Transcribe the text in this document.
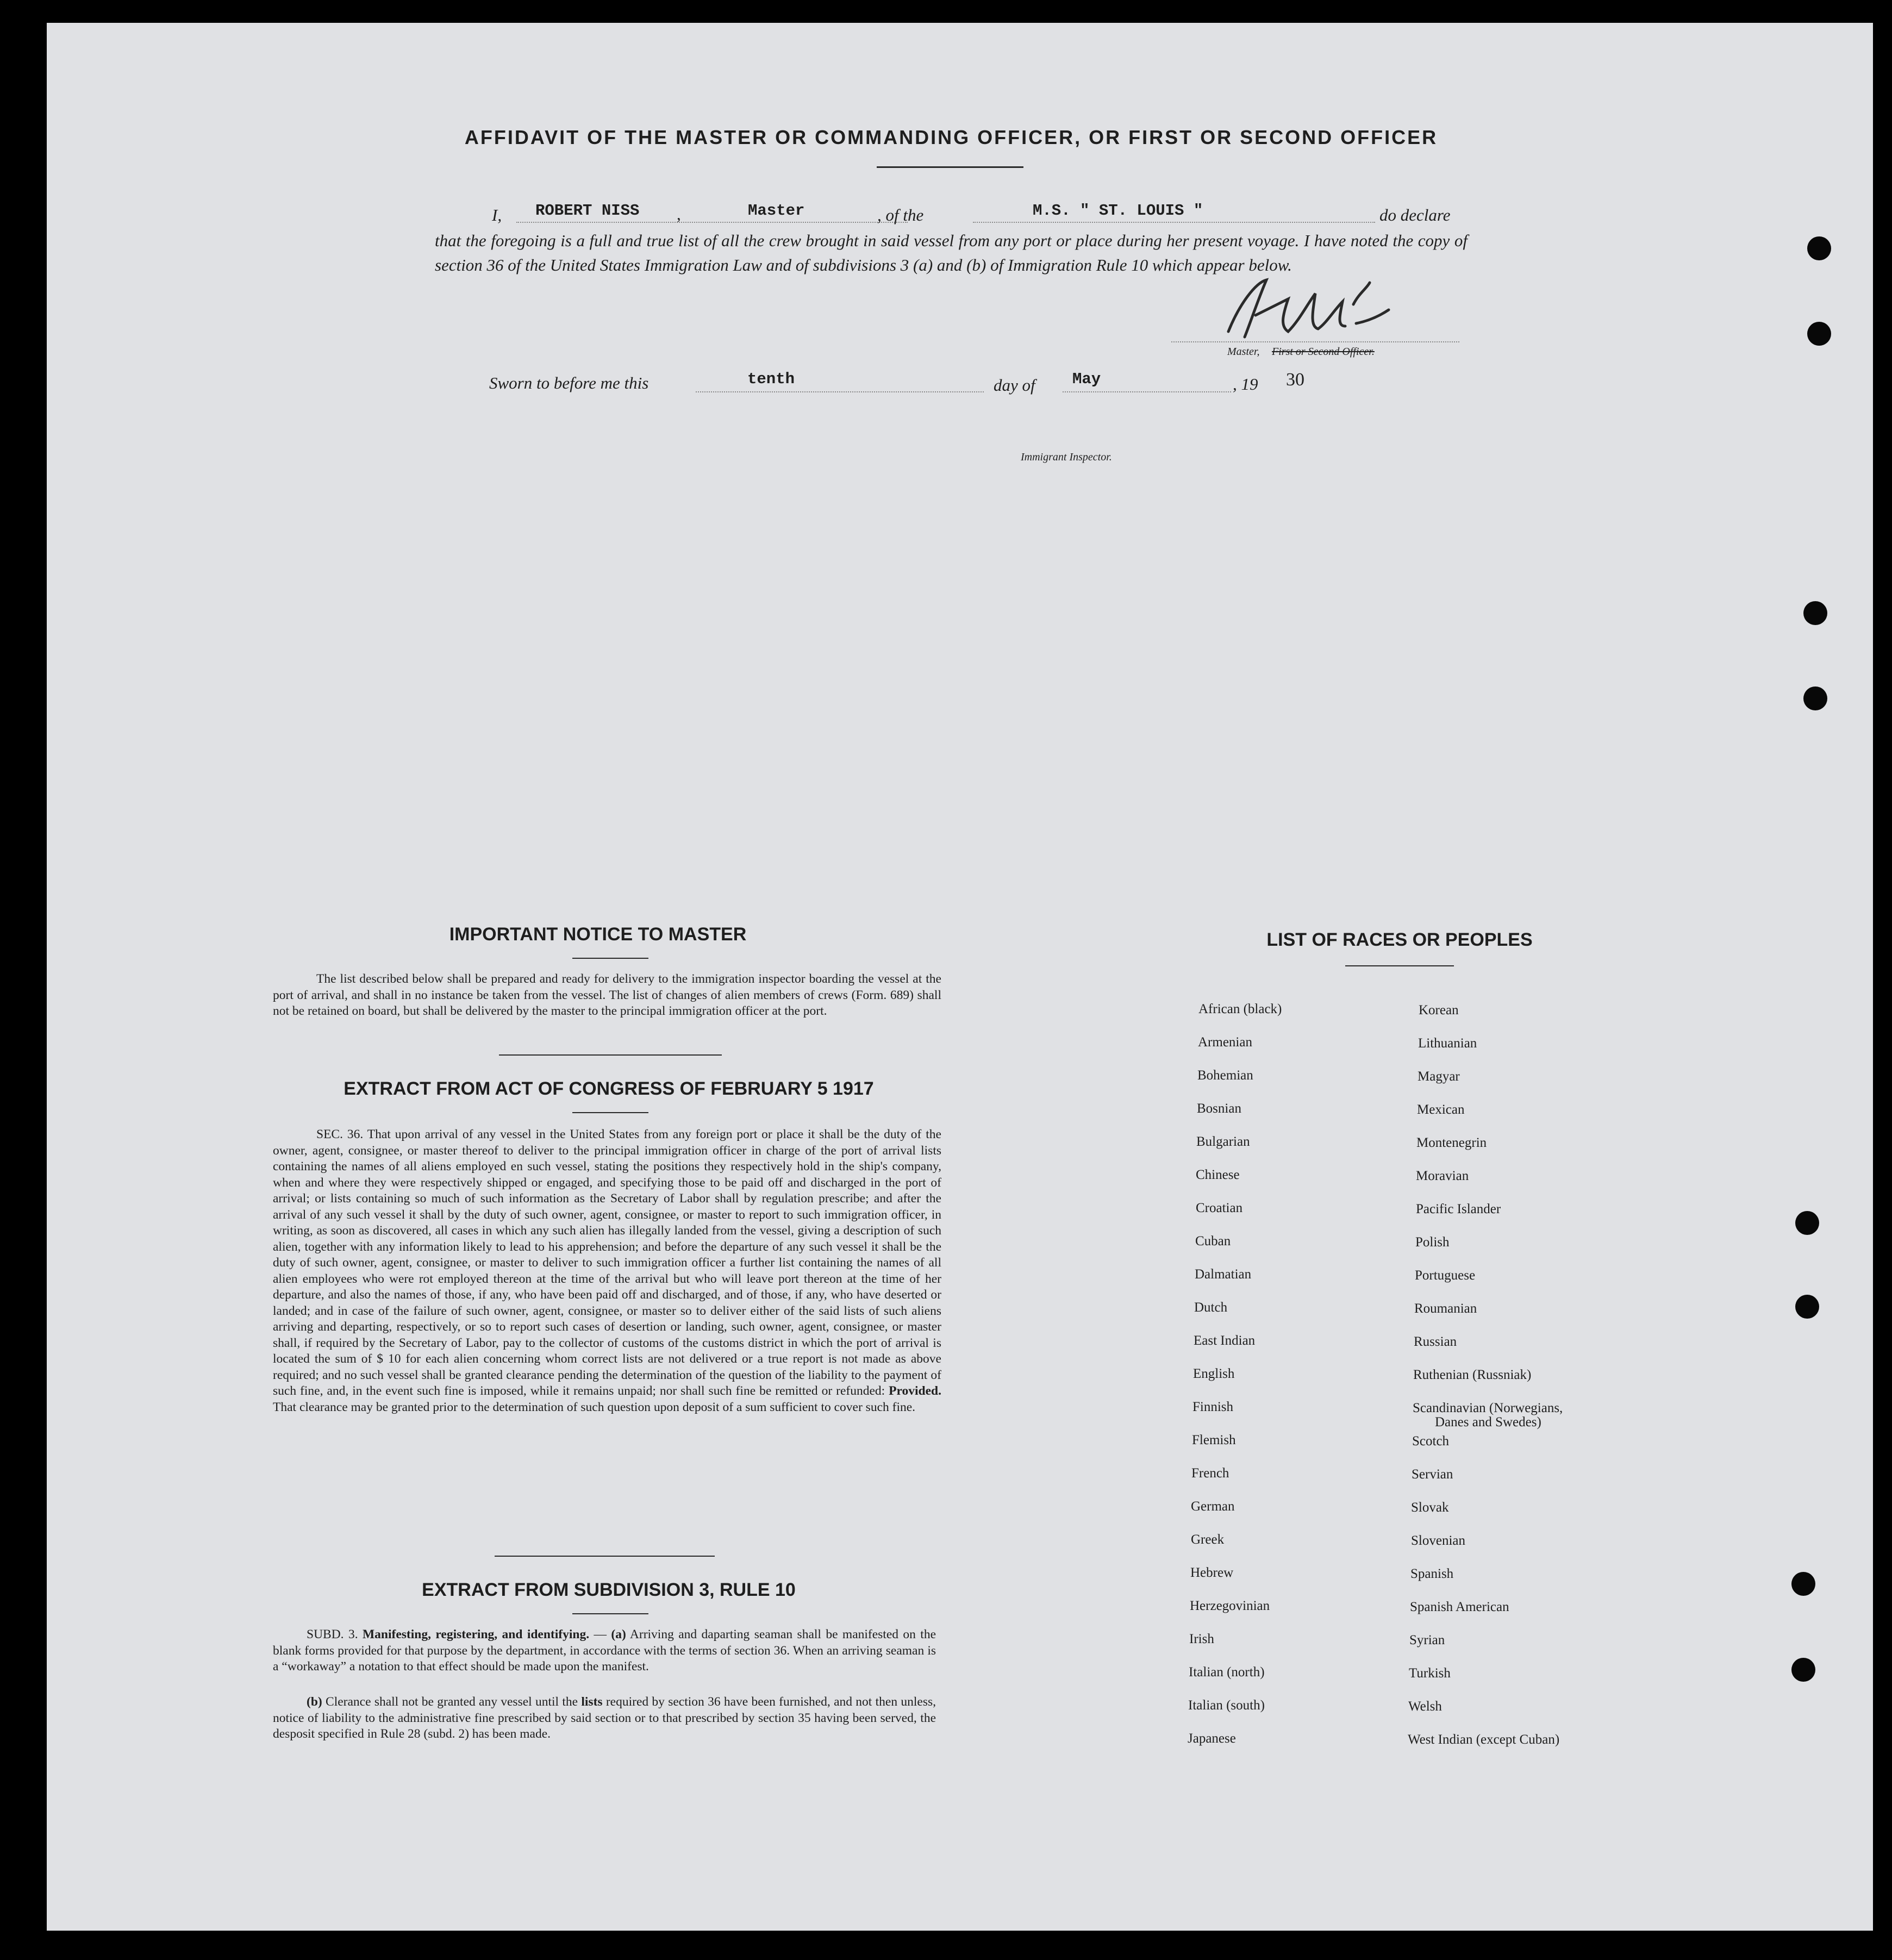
AFFIDAVIT OF THE MASTER OR COMMANDING OFFICER, OR FIRST OR SECOND OFFICER
I, ROBERT NISS ,	Master	, of the	M.S. " ST. LOUIS "	do declare
that the foregoing is a full and true list of all the crew brought in said vessel from any port or place during her present voyage. I have noted the copy of section 36 of the United States Immigration Law and of subdivisions 3 (a) and (b) of Immigration Rule 10 which appear below.
Master, First or Second Officer.
Sworn to before me this	tenth	day of May	, 19 30
Immigrant Inspector.
IMPORTANT NOTICE TO MASTER
The list described below shall be prepared and ready for delivery to the immigration inspector boarding the vessel at the port of arrival, and shall in no instance be taken from the vessel. The list of changes of alien members of crews (Form. 689) shall not be retained on board, but shall be delivered by the master to the principal immigration officer at the port.
EXTRACT FROM ACT OF CONGRESS OF FEBRUARY 5 1917
SEC. 36. That upon arrival of any vessel in the United States from any foreign port or place it shall be the duty of the owner, agent, consignee, or master thereof to deliver to the principal immigration officer in charge of the port of arrival lists containing the names of all aliens employed en such vessel, stating the positions they respectively hold in the ship's company, when and where they were respectively shipped or engaged, and specifying those to be paid off and discharged in the port of arrival; or lists containing so much of such information as the Secretary of Labor shall by regulation prescribe; and after the arrival of any such vessel it shall by the duty of such owner, agent, consignee, or master to report to such immigration officer, in writing, as soon as discovered, all cases in which any such alien has illegally landed from the vessel, giving a description of such alien, together with any information likely to lead to his apprehension; and before the departure of any such vessel it shall be the duty of such owner, agent, consignee, or master to deliver to such immigration officer a further list containing the names of all alien employees who were rot employed thereon at the time of the arrival but who will leave port thereon at the time of her departure, and also the names of those, if any, who have been paid off and discharged, and of those, if any, who have deserted or landed; and in case of the failure of such owner, agent, consignee, or master so to deliver either of the said lists of such aliens arriving and departing, respectively, or so to report such cases of desertion or landing, such owner, agent, consignee, or master shall, if required by the Secretary of Labor, pay to the collector of customs of the customs district in which the port of arrival is located the sum of $ 10 for each alien concerning whom correct lists are not delivered or a true report is not made as above required; and no such vessel shall be granted clearance pending the determination of the question of the liability to the payment of such fine, and, in the event such fine is imposed, while it remains unpaid; nor shall such fine be remitted or refunded: Provided. That clearance may be granted prior to the determination of such question upon deposit of a sum sufficient to cover such fine.
EXTRACT FROM SUBDIVISION 3, RULE 10
SUBD. 3. Manifesting, registering, and identifying. — (a) Arriving and daparting seaman shall be manifested on the blank forms provided for that purpose by the department, in accordance with the terms of section 36. When an arriving seaman is a “workaway” a notation to that effect should be made upon the manifest.
(b) Clerance shall not be granted any vessel until the lists required by section 36 have been furnished, and not then unless, notice of liability to the administrative fine prescribed by said section or to that prescribed by section 35 having been served, the desposit specified in Rule 28 (subd. 2) has been made.
LIST OF RACES OR PEOPLES
African (black)
Armenian
Bohemian
Bosnian
Bulgarian
Chinese
Croatian
Cuban
Dalmatian
Dutch
East Indian
English
Finnish
Flemish
French
German
Greek
Hebrew
Herzegovinian
Irish
Italian (north)
Italian (south)
Japanese
Korean
Lithuanian
Magyar
Mexican
Montenegrin
Moravian
Pacific Islander
Polish
Portuguese
Roumanian
Russian
Ruthenian (Russniak)
Scandinavian (Norwegians,
Danes and Swedes)
Scotch
Servian
Slovak
Slovenian
Spanish
Spanish American
Syrian
Turkish
Welsh
West Indian (except Cuban)
